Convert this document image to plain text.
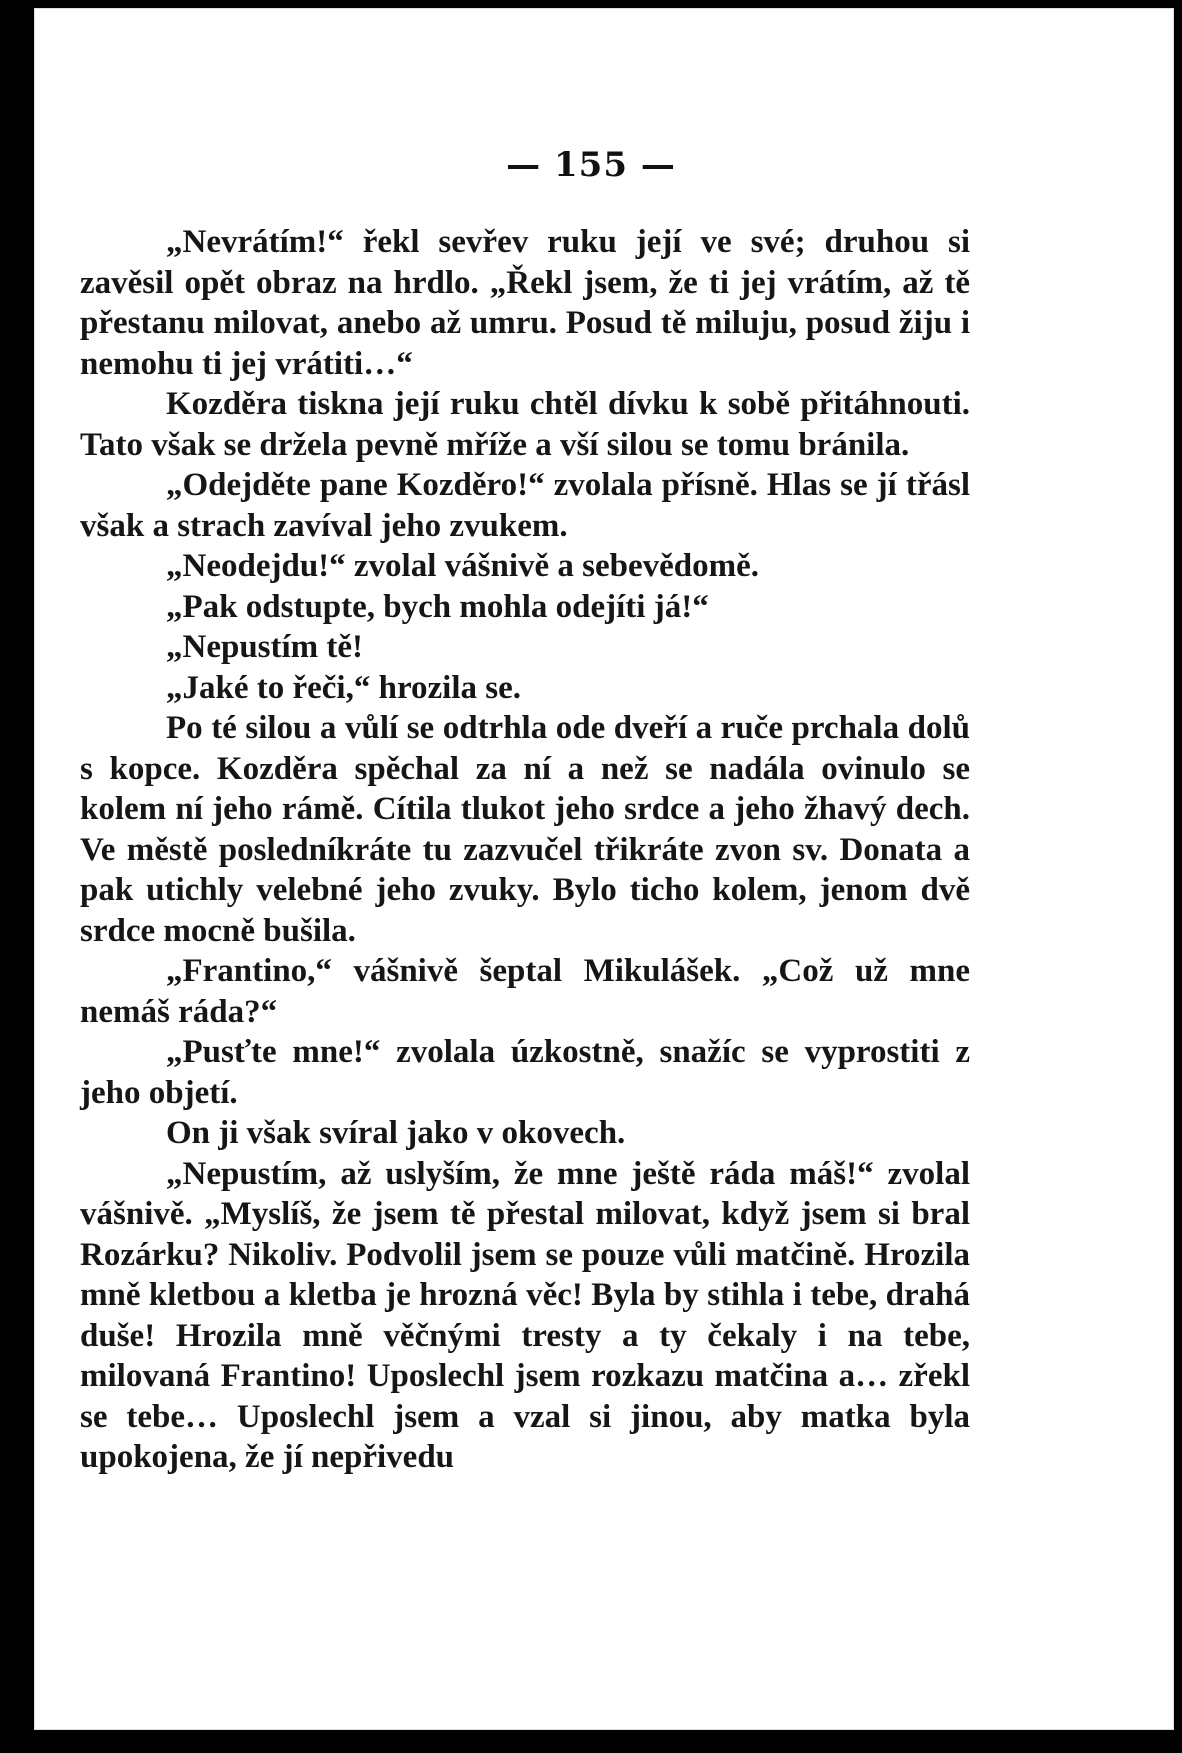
— 155 —

„Nevrátím!“ řekl sevřev ruku její ve své; druhou si zavěsil opět obraz na hrdlo. „Řekl jsem, že ti jej vrátím, až tě přestanu milovat, anebo až umru. Posud tě miluju, posud žiju i nemohu ti jej vrátiti…“

Kozděra tiskna její ruku chtěl dívku k sobě přitáhnouti. Tato však se držela pevně mříže a vší silou se tomu bránila.

„Odejděte pane Kozděro!“ zvolala přísně. Hlas se jí třásl však a strach zavíval jeho zvukem.

„Neodejdu!“ zvolal vášnivě a sebevědomě.

„Pak odstupte, bych mohla odejíti já!“

„Nepustím tě!

„Jaké to řeči,“ hrozila se.

Po té silou a vůlí se odtrhla ode dveří a ruče prchala dolů s kopce. Kozděra spěchal za ní a než se nadála ovinulo se kolem ní jeho rámě. Cítila tlukot jeho srdce a jeho žhavý dech. Ve městě posledníkráte tu zazvučel třikráte zvon sv. Donata a pak utichly velebné jeho zvuky. Bylo ticho kolem, jenom dvě srdce mocně bušila.

„Frantino,“ vášnivě šeptal Mikulášek. „Což už mne nemáš ráda?“

„Pusťte mne!“ zvolala úzkostně, snažíc se vyprostiti z jeho objetí.

On ji však svíral jako v okovech.

„Nepustím, až uslyším, že mne ještě ráda máš!“ zvolal vášnivě. „Myslíš, že jsem tě přestal milovat, když jsem si bral Rozárku? Nikoliv. Podvolil jsem se pouze vůli matčině. Hrozila mně kletbou a kletba je hrozná věc! Byla by stihla i tebe, drahá duše! Hrozila mně věčnými tresty a ty čekaly i na tebe, milovaná Frantino! Uposlechl jsem rozkazu matčina a… zřekl se tebe… Uposlechl jsem a vzal si jinou, aby matka byla upokojena, že jí nepřivedu
